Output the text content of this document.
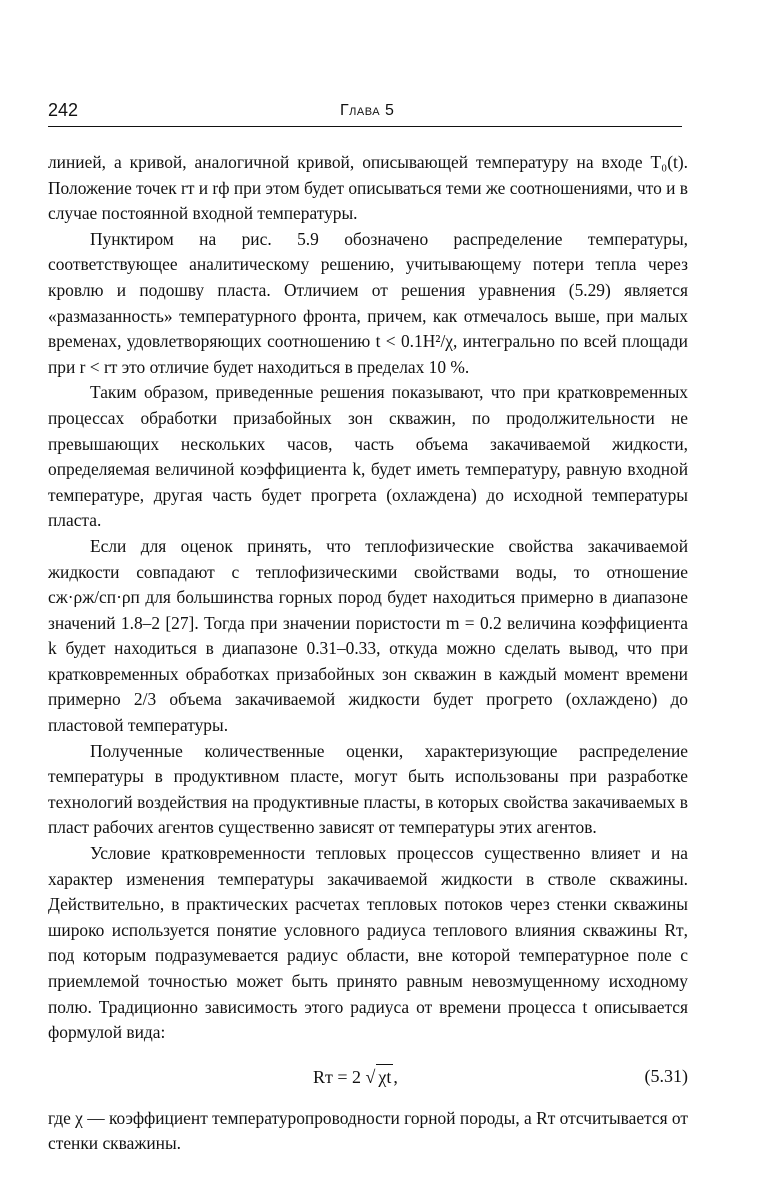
242	Глава 5

линией, а кривой, аналогичной кривой, описывающей температуру на входе T₀(t). Положение точек rᴛ и rф при этом будет описываться теми же соотношениями, что и в случае постоянной входной температуры.

Пунктиром на рис. 5.9 обозначено распределение температуры, соответствующее аналитическому решению, учитывающему потери тепла через кровлю и подошву пласта. Отличием от решения уравнения (5.29) является «размазанность» температурного фронта, причем, как отмечалось выше, при малых временах, удовлетворяющих соотношению t < 0.1H²/χ, интегрально по всей площади при r < rᴛ это отличие будет находиться в пределах 10 %.

Таким образом, приведенные решения показывают, что при кратковременных процессах обработки призабойных зон скважин, по продолжительности не превышающих нескольких часов, часть объема закачиваемой жидкости, определяемая величиной коэффициента k, будет иметь температуру, равную входной температуре, другая часть будет прогрета (охлаждена) до исходной температуры пласта.

Если для оценок принять, что теплофизические свойства закачиваемой жидкости совпадают с теплофизическими свойствами воды, то отношение cж·ρж/cп·ρп для большинства горных пород будет находиться примерно в диапазоне значений 1.8–2 [27]. Тогда при значении пористости m = 0.2 величина коэффициента k будет находиться в диапазоне 0.31–0.33, откуда можно сделать вывод, что при кратковременных обработках призабойных зон скважин в каждый момент времени примерно 2/3 объема закачиваемой жидкости будет прогрето (охлаждено) до пластовой температуры.

Полученные количественные оценки, характеризующие распределение температуры в продуктивном пласте, могут быть использованы при разработке технологий воздействия на продуктивные пласты, в которых свойства закачиваемых в пласт рабочих агентов существенно зависят от температуры этих агентов.

Условие кратковременности тепловых процессов существенно влияет и на характер изменения температуры закачиваемой жидкости в стволе скважины. Действительно, в практических расчетах тепловых потоков через стенки скважины широко используется понятие условного радиуса теплового влияния скважины Rᴛ, под которым подразумевается радиус области, вне которой температурное поле с приемлемой точностью может быть принято равным невозмущенному исходному полю. Традиционно зависимость этого радиуса от времени процесса t описывается формулой вида:

Rᴛ = 2 √ χt ,	(5.31)

где χ — коэффициент температуропроводности горной породы, а Rᴛ отсчитывается от стенки скважины.
